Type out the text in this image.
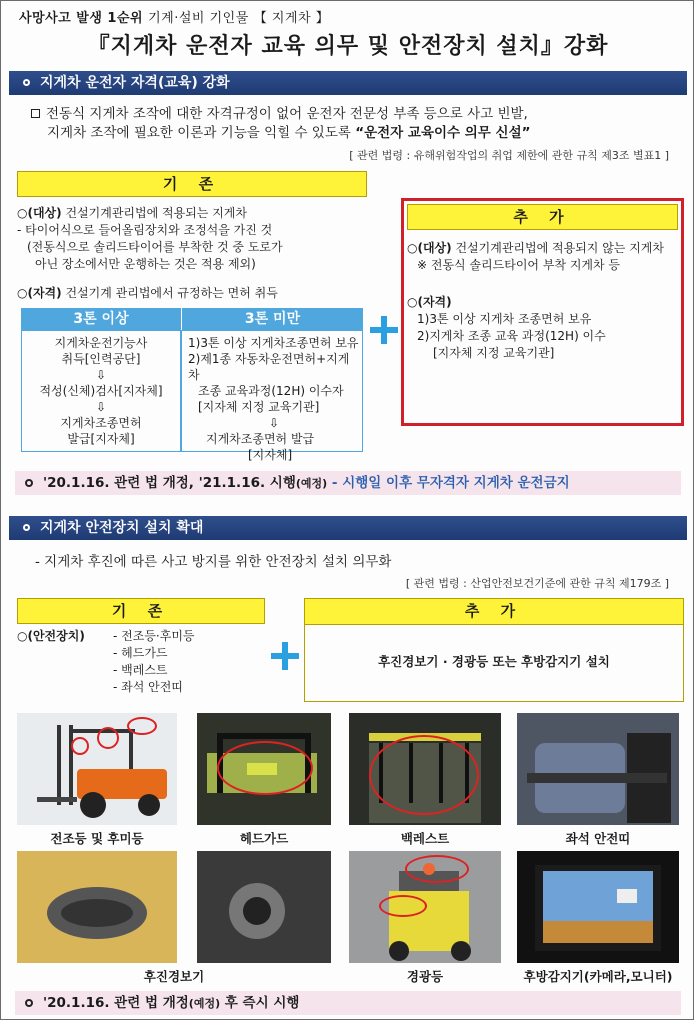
사망사고 발생 1순위 기계·설비 기인물 【 지게차 】
『지게차 운전자 교육 의무 및 안전장치 설치』강화
지게차 운전자 자격(교육) 강화
전동식 지게차 조작에 대한 자격규정이 없어 운전자 전문성 부족 등으로 사고 빈발,
지게차 조작에 필요한 이론과 기능을 익힐 수 있도록 “운전자 교육이수 의무 신설”
[ 관련 법령 : 유해위험작업의 취업 제한에 관한 규칙 제3조 별표1 ]
기 존
○(대상) 건설기계관리법에 적용되는 지게차
- 타이어식으로 들어올림장치와 조정석을 가진 것
(전동식으로 솔리드타이어를 부착한 것 중 도로가
아닌 장소에서만 운행하는 것은 적용 제외)
○(자격) 건설기계 관리법에서 규정하는 면허 취득
3톤 이상
지게차운전기능사
취득[인력공단]
⇩
적성(신체)검사[지자체]
⇩
지게차조종면허
발급[지자체]
3톤 미만
1)3톤 이상 지게차조종면허 보유
2)제1종 자동차운전면허+지게차
조종 교육과정(12H) 이수자
[지자체 지정 교육기관]
⇩
지게차조종면허 발급
[지자체]
추 가
○(대상) 건설기계관리법에 적용되지 않는 지게차
※ 전동식 솔리드타이어 부착 지게차 등
○(자격)
1)3톤 이상 지게차 조종면허 보유
2)지게차 조종 교육 과정(12H) 이수
[지자체 지정 교육기관]
'20.1.16. 관련 법 개정, '21.1.16. 시행(예정) - 시행일 이후 무자격자 지게차 운전금지
지게차 안전장치 설치 확대
- 지게차 후진에 따른 사고 방지를 위한 안전장치 설치 의무화
[ 관련 법령 : 산업안전보건기준에 관한 규칙 제179조 ]
기 존
○(안전장치)	- 전조등·후미등
- 헤드가드
- 백레스트
- 좌석 안전띠
추 가
후진경보기 · 경광등 또는 후방감지기 설치
전조등 및 후미등	헤드가드	백레스트	좌석 안전띠
후진경보기	경광등	후방감지기(카메라,모니터)
'20.1.16. 관련 법 개정(예정) 후 즉시 시행
